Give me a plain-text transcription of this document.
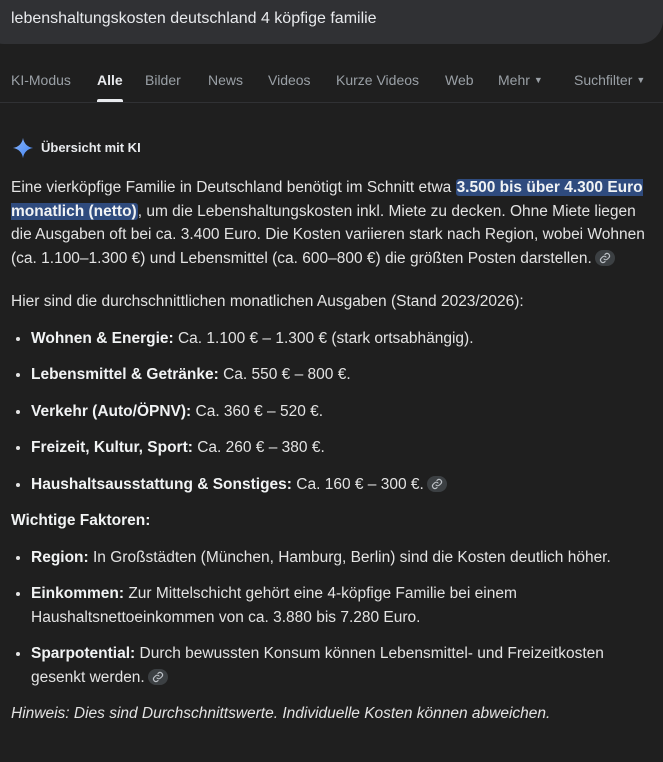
lebenshaltungskosten deutschland 4 köpfige familie
KI-Modus Alle Bilder News Videos Kurze Videos Web Mehr ▼ Suchfilter ▼
Übersicht mit KI

Eine vierköpfige Familie in Deutschland benötigt im Schnitt etwa 3.500 bis über 4.300 Euro monatlich (netto), um die Lebenshaltungskosten inkl. Miete zu decken. Ohne Miete liegen die Ausgaben oft bei ca. 3.400 Euro. Die Kosten variieren stark nach Region, wobei Wohnen (ca. 1.100–1.300 €) und Lebensmittel (ca. 600–800 €) die größten Posten darstellen.

Hier sind die durchschnittlichen monatlichen Ausgaben (Stand 2023/2026):

• Wohnen & Energie: Ca. 1.100 € – 1.300 € (stark ortsabhängig).
• Lebensmittel & Getränke: Ca. 550 € – 800 €.
• Verkehr (Auto/ÖPNV): Ca. 360 € – 520 €.
• Freizeit, Kultur, Sport: Ca. 260 € – 380 €.
• Haushaltsausstattung & Sonstiges: Ca. 160 € – 300 €.

Wichtige Faktoren:

• Region: In Großstädten (München, Hamburg, Berlin) sind die Kosten deutlich höher.
• Einkommen: Zur Mittelschicht gehört eine 4-köpfige Familie bei einem Haushaltsnettoeinkommen von ca. 3.880 bis 7.280 Euro.
• Sparpotential: Durch bewussten Konsum können Lebensmittel- und Freizeitkosten gesenkt werden.

Hinweis: Dies sind Durchschnittswerte. Individuelle Kosten können abweichen.
